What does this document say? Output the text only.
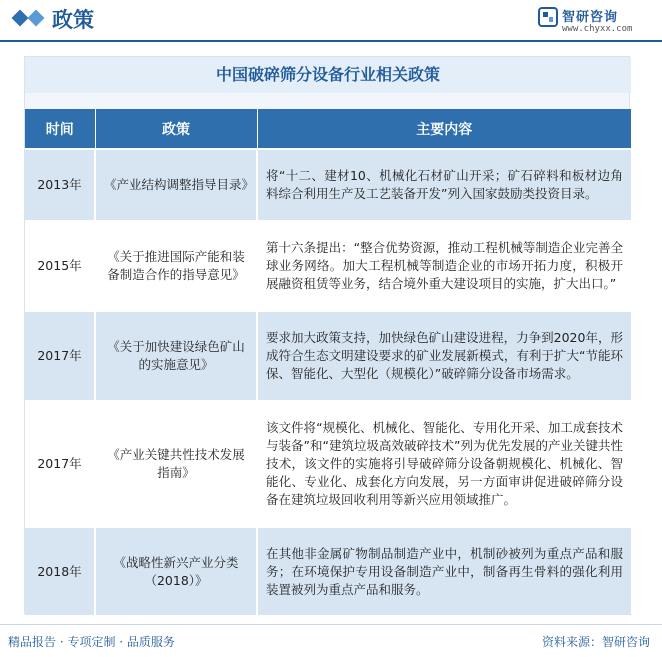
政策	智研咨询
www.chyxx.com
中国破碎筛分设备行业相关政策
时间	政策	主要内容
2013年	《产业结构调整指导目录》	将“十二、建材10、机械化石材矿山开采；矿石碎料和板材边角料综合利用生产及工艺装备开发”列入国家鼓励类投资目录。
2015年	《关于推进国际产能和装备制造合作的指导意见》	第十六条提出：“整合优势资源，推动工程机械等制造企业完善全球业务网络。加大工程机械等制造企业的市场开拓力度，积极开展融资租赁等业务，结合境外重大建设项目的实施，扩大出口。”
2017年	《关于加快建设绿色矿山的实施意见》	要求加大政策支持，加快绿色矿山建设进程，力争到2020年，形成符合生态文明建设要求的矿业发展新模式，有利于扩大“节能环保、智能化、大型化（规模化）”破碎筛分设备市场需求。
2017年	《产业关键共性技术发展指南》	该文件将“规模化、机械化、智能化、专用化开采、加工成套技术与装备”和“建筑垃圾高效破碎技术”列为优先发展的产业关键共性技术，该文件的实施将引导破碎筛分设备朝规模化、机械化、智能化、专业化、成套化方向发展，另一方面审讲促进破碎筛分设备在建筑垃圾回收利用等新兴应用领域推广。
2018年	《战略性新兴产业分类（2018）》	在其他非金属矿物制品制造产业中，机制砂被列为重点产品和服务；在环境保护专用设备制造产业中，制备再生骨料的强化利用装置被列为重点产品和服务。
精品报告 · 专项定制 · 品质服务	资料来源：智研咨询
